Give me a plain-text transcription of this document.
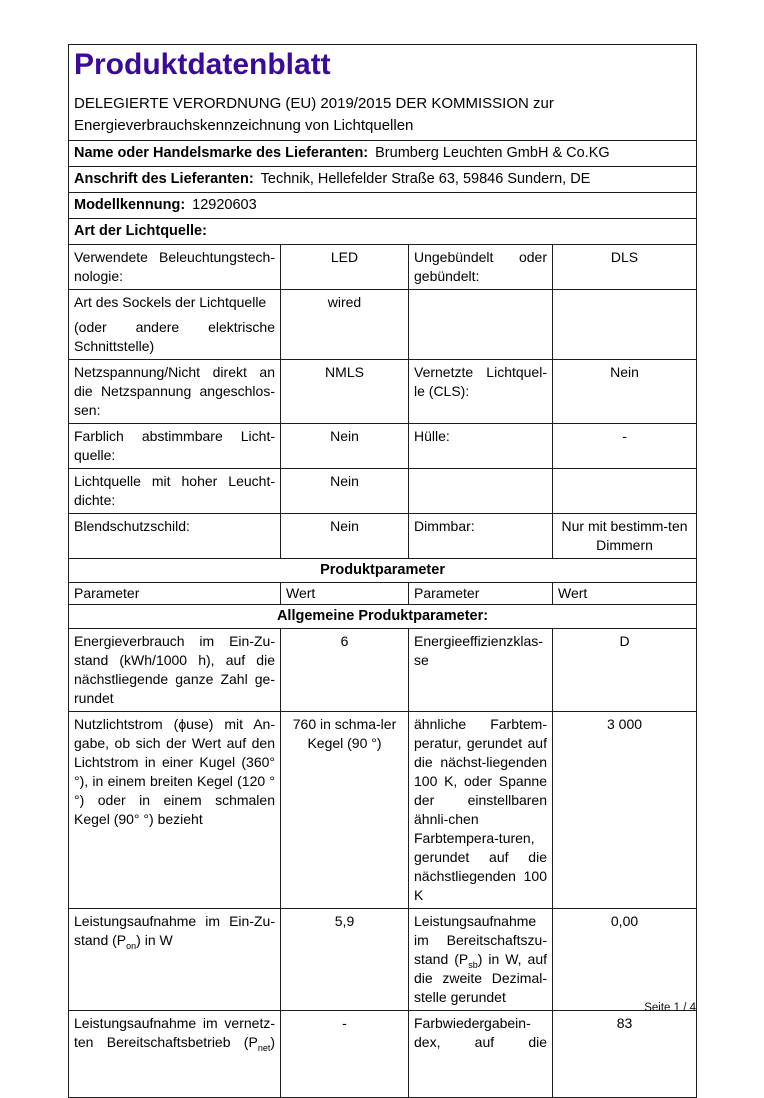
Produktdatenblatt
DELEGIERTE VERORDNUNG (EU) 2019/2015 DER KOMMISSION zur
Energieverbrauchskennzeichnung von Lichtquellen			

Name oder Handelsmarke des Lieferanten: Brumberg Leuchten GmbH & Co.KG			
Anschrift des Lieferanten: Technik, Hellefelder Straße 63, 59846 Sundern, DE			
Modellkennung: 12920603			
Art der Lichtquelle:			
Verwendete Beleuchtungstech-nologie:	LED	Ungebündelt oder gebündelt:	DLS

Art des Sockels der Lichtquelle
(oder andere elektrische Schnittstelle)	wired		
Netzspannung/Nicht direkt an die Netzspannung angeschlos-sen:	NMLS	Vernetzte Lichtquel-le (CLS):	Nein
Farblich abstimmbare Licht-quelle:	Nein	Hülle:	-
Lichtquelle mit hoher Leucht-dichte:	Nein		
Blendschutzschild:	Nein	Dimmbar:	Nur mit bestimm-ten Dimmern
Produktparameter			
Parameter	Wert	Parameter	Wert
Allgemeine Produktparameter:			
Energieverbrauch im Ein-Zu-stand (kWh/1000 h), auf die nächstliegende ganze Zahl ge-rundet	6	Energieeffizienzklas-se	D
Nutzlichtstrom (ϕuse) mit An-gabe, ob sich der Wert auf den Lichtstrom in einer Kugel (360° °), in einem breiten Kegel (120 °°) oder in einem schmalen Kegel (90° °) bezieht	760 in schma-ler Kegel (90 °)	ähnliche Farbtem-peratur, gerundet auf die nächst-liegenden 100 K, oder Spanne der einstellbaren ähnli-chen Farbtempera-turen, gerundet auf die nächstliegenden 100 K	3 000
Leistungsaufnahme im Ein-Zu-stand $(P_{on})$ in W	5,9	Leistungsaufnahme im Bereitschaftszu-stand $(P_{sb})$ in W, auf die zweite Dezimal-stelle gerundet	0,00
Leistungsaufnahme im vernetz-ten Bereitschaftsbetrieb $(P_{net})$	-	Farbwiedergabein-dex, auf die	83
Seite 1 / 4
